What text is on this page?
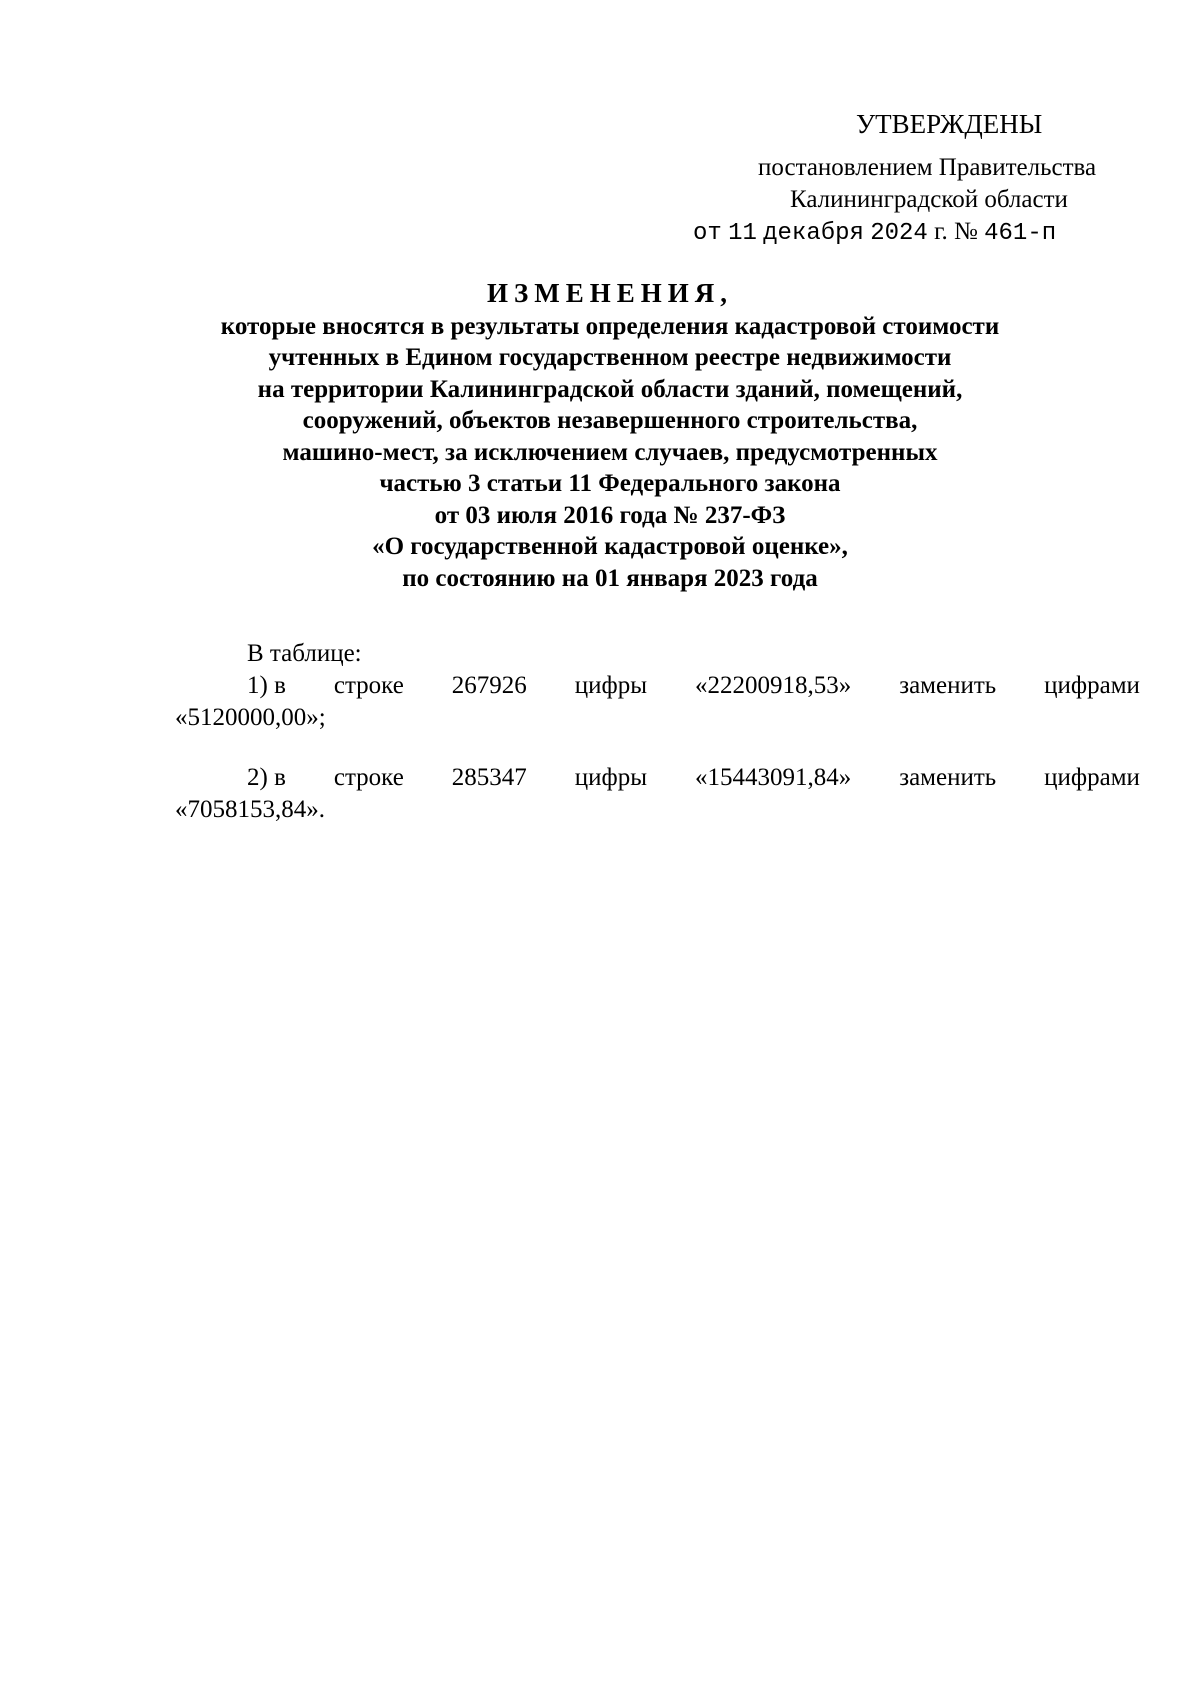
УТВЕРЖДЕНЫ
постановлением Правительства
Калининградской области
от 11 декабря 2024 г. № 461-п
ИЗМЕНЕНИЯ,
которые вносятся в результаты определения кадастровой стоимости
учтенных в Едином государственном реестре недвижимости
на территории Калининградской области зданий, помещений,
сооружений, объектов незавершенного строительства,
машино-мест, за исключением случаев, предусмотренных
частью 3 статьи 11 Федерального закона
от 03 июля 2016 года № 237-ФЗ
«О государственной кадастровой оценке»,
по состоянию на 01 января 2023 года
В таблице:
1) в строке 267926 цифры «22200918,53» заменить цифрами
«5120000,00»;
2) в строке 285347 цифры «15443091,84» заменить цифрами
«7058153,84».
